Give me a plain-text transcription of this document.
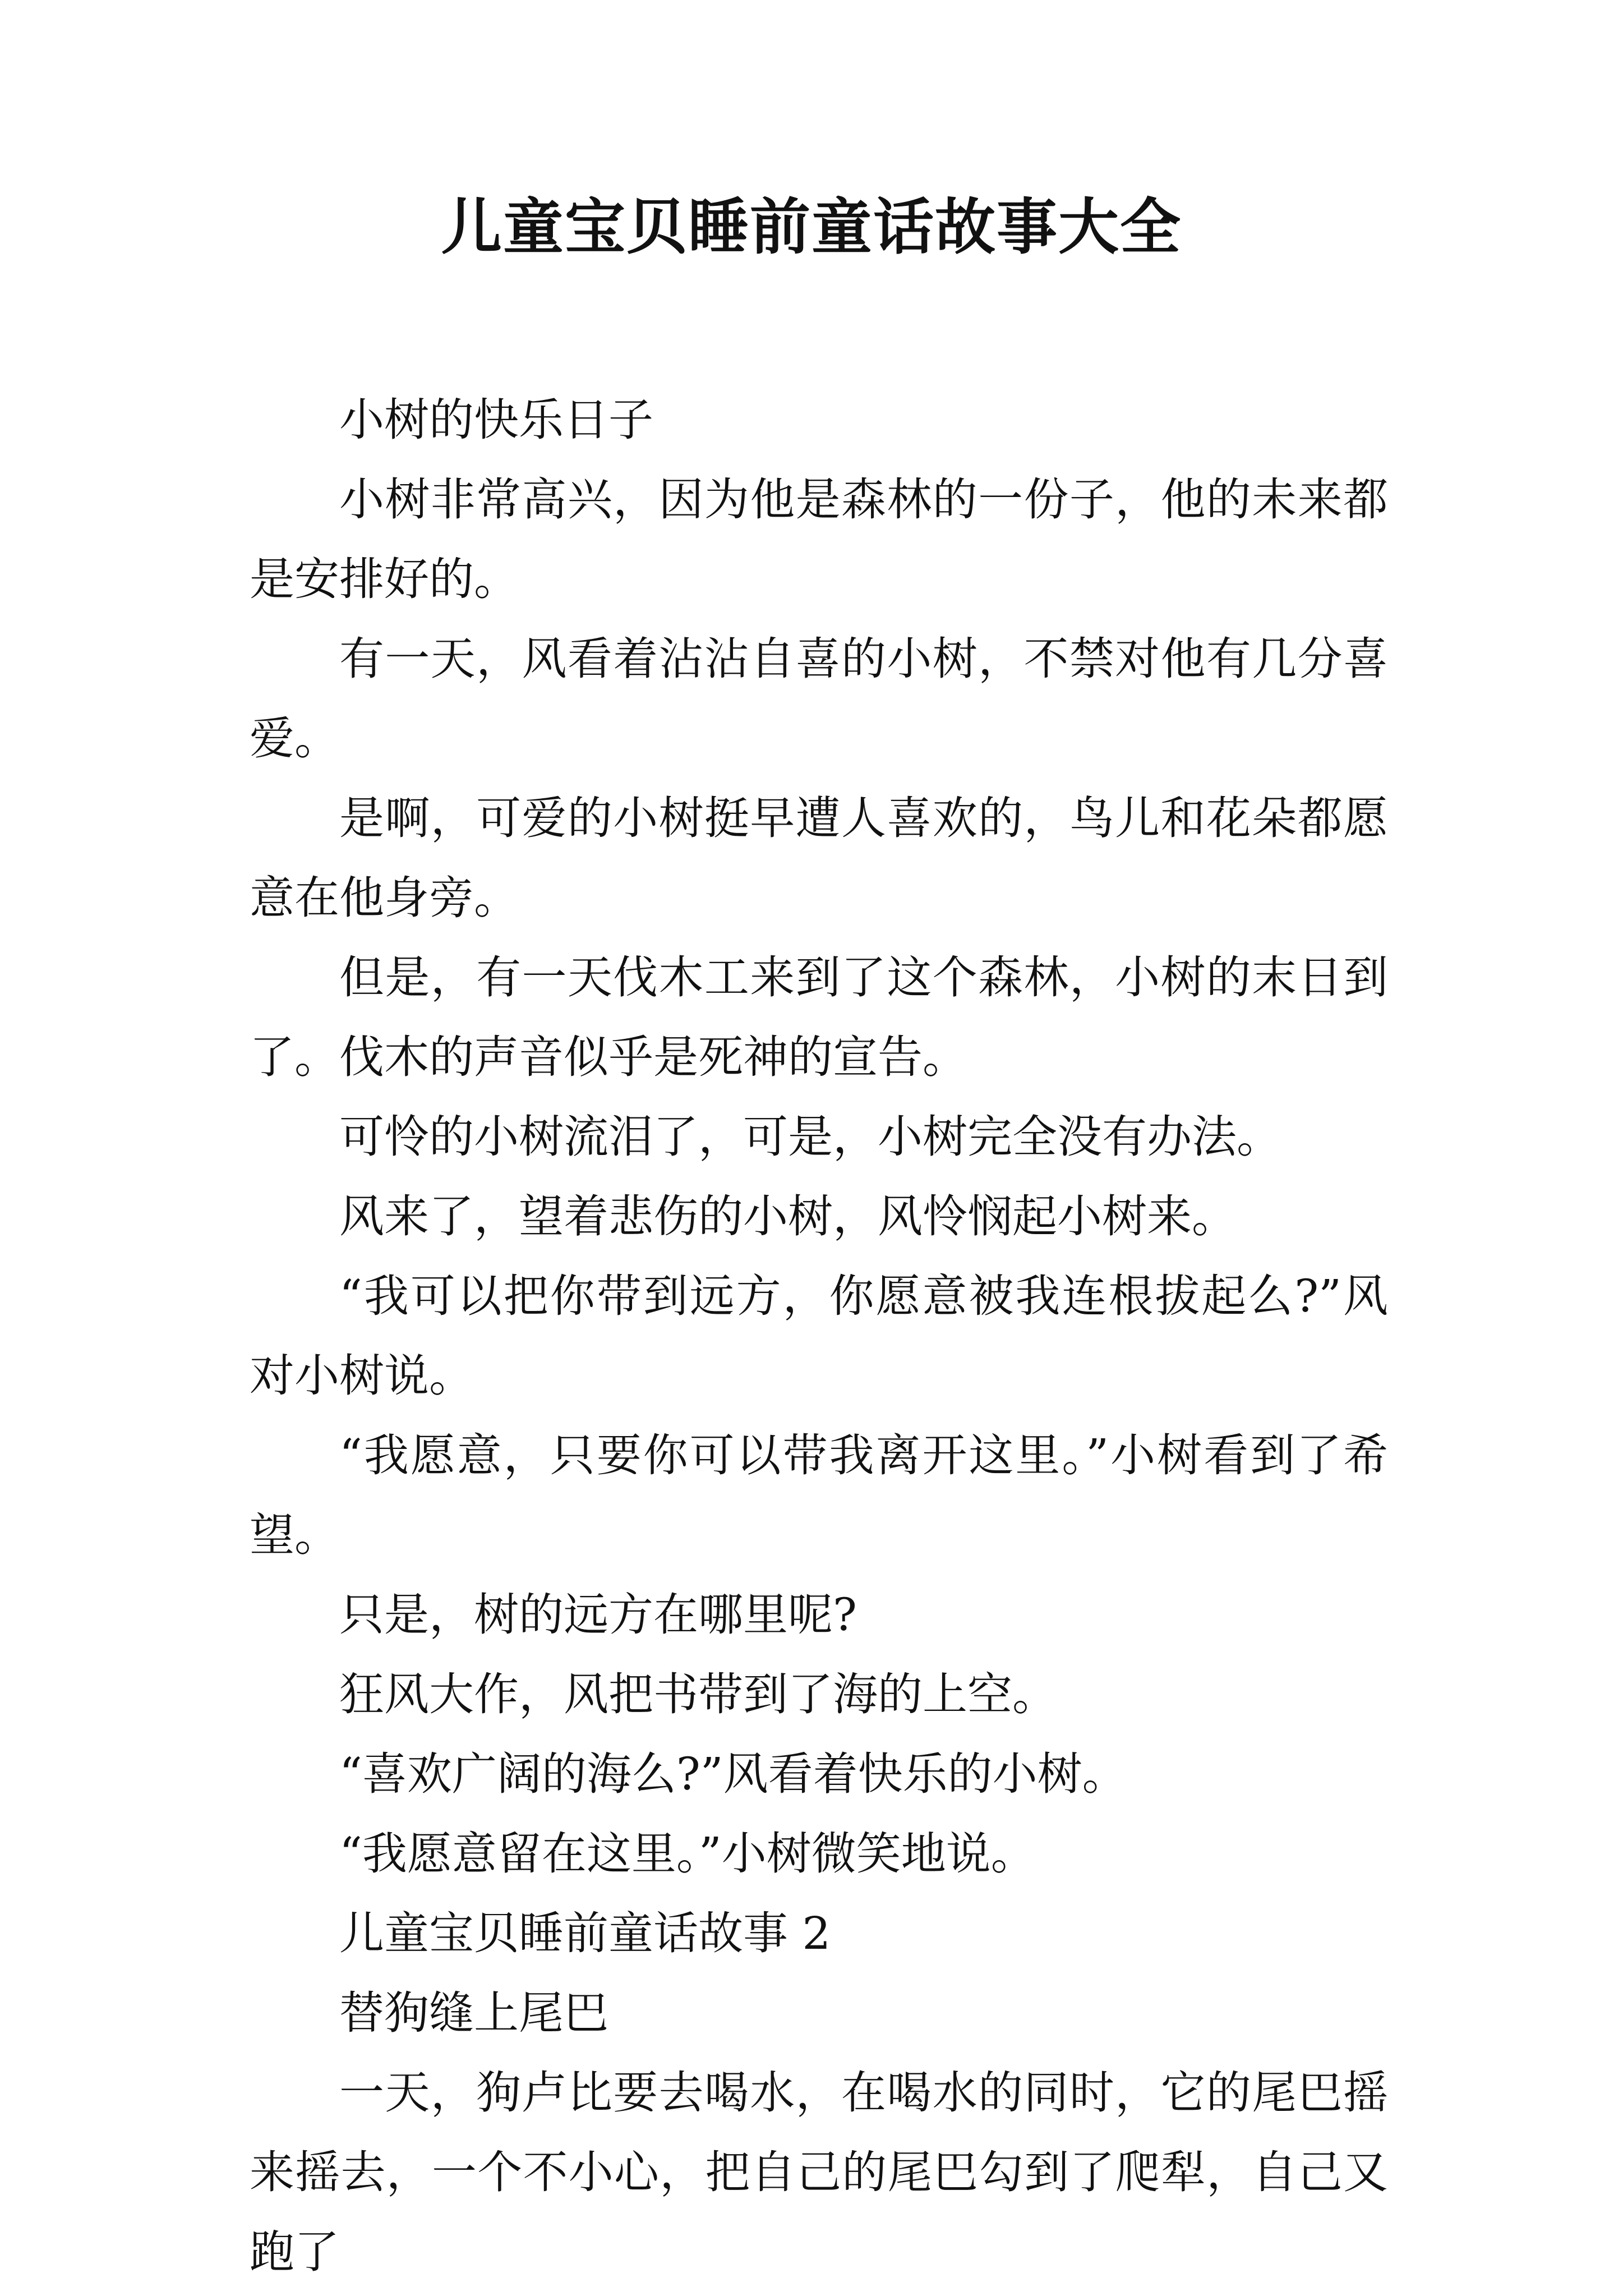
儿童宝贝睡前童话故事大全

小树的快乐日子

小树非常高兴，因为他是森林的一份子，他的未来都是安排好的。

有一天，风看着沾沾自喜的小树，不禁对他有几分喜爱。

是啊，可爱的小树挺早遭人喜欢的，鸟儿和花朵都愿意在他身旁。

但是，有一天伐木工来到了这个森林，小树的末日到了。伐木的声音似乎是死神的宣告。

可怜的小树流泪了，可是，小树完全没有办法。

风来了，望着悲伤的小树，风怜悯起小树来。

“我可以把你带到远方，你愿意被我连根拔起么?”风对小树说。

“我愿意，只要你可以带我离开这里。”小树看到了希望。

只是，树的远方在哪里呢?

狂风大作，风把书带到了海的上空。

“喜欢广阔的海么?”风看着快乐的小树。

“我愿意留在这里。”小树微笑地说。

儿童宝贝睡前童话故事 2

替狗缝上尾巴

一天，狗卢比要去喝水，在喝水的同时，它的尾巴摇来摇去，一个不小心，把自己的尾巴勾到了爬犁，自己又跑了
